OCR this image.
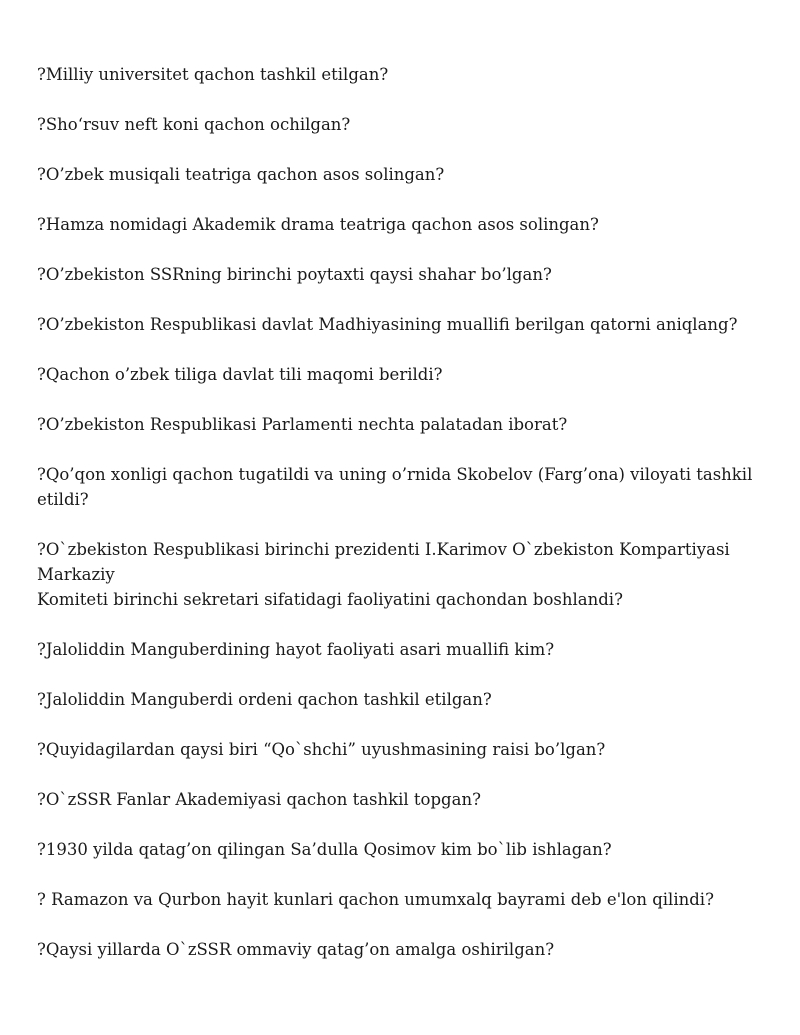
?Milliy universitet qachon tashkil etilgan?

?Sho‘rsuv neft koni qachon ochilgan?

?O’zbek musiqali teatriga qachon asos solingan?

?Hamza nomidagi Akademik drama teatriga qachon asos solingan?

?O’zbekiston SSRning birinchi poytaxti qaysi shahar bo’lgan?

?O’zbekiston Respublikasi davlat Madhiyasining muallifi berilgan qatorni aniqlang?

?Qachon o’zbek tiliga davlat tili maqomi berildi?

?O’zbekiston Respublikasi Parlamenti nechta palatadan iborat?

?Qo’qon xonligi qachon tugatildi va uning o’rnida Skobelov (Farg’ona) viloyati tashkil etildi?

?O`zbekiston Respublikasi birinchi prezidenti I.Karimov O`zbekiston Kompartiyasi Markaziy
Komiteti birinchi sekretari sifatidagi faoliyatini qachondan boshlandi?

?Jaloliddin Manguberdining hayot faoliyati asari muallifi kim?

?Jaloliddin Manguberdi ordeni qachon tashkil etilgan?

?Quyidagilardan qaysi biri “Qo`shchi” uyushmasining raisi bo’lgan?

?O`zSSR Fanlar Akademiyasi qachon tashkil topgan?

?1930 yilda qatag’on qilingan Sa’dulla Qosimov kim bo`lib ishlagan?

? Ramazon va Qurbon hayit kunlari qachon umumxalq bayrami deb e'lon qilindi?

?Qaysi yillarda O`zSSR ommaviy qatag’on amalga oshirilgan?
